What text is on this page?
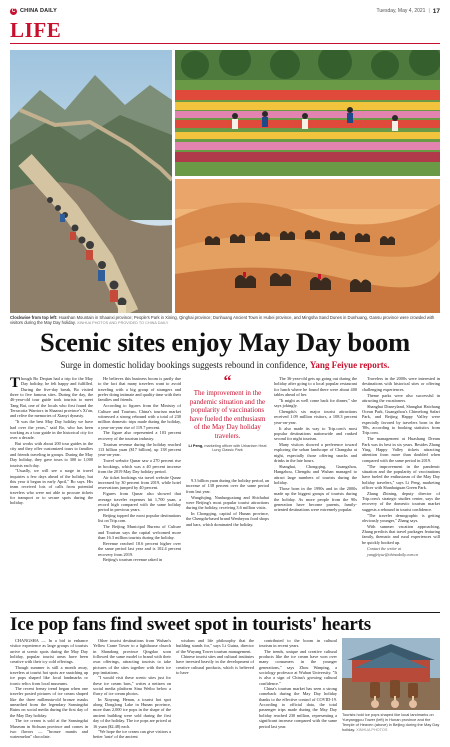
C CHINA DAILY	Tuesday, May 4, 2021 | 17
LIFE
Clockwise from top left: Huashan Mountain in Shaanxi province; People's Park in Xining, Qinghai province; Dunhuang Ancient Town in Hubei province, and Mingsha Sand Dunes in Dunhuang, Gansu province were crowded with visitors during the May Day holiday. XINHUA PHOTOS AND PROVIDED TO CHINA DAILY
Scenic sites enjoy May Day boom
Surge in domestic holiday bookings suggests rebound in confidence, Yang Feiyue reports.

Though Bo Deqian had a trip for the May Day holiday, he felt happy and fulfilled. During the five-day break, Bo visited three to five famous sites. During the day, the 46-year-old tour guide took tourists to meet Tang Bai, one of the locals who first found the Terracotta Warriors in Shaanxi province's Xi'an, and relive the memories of Xianyi dynasty.

"It was the best May Day holiday we have had over the years," said Bo, who has been working as a tour guide in the historical city for over a decade.

Bui works with about 200 tour guides in the city and they offer customized tours to families and friends traveling in groups. During the May Day holiday, they gave tours to 300 to 1,000 tourists each day.

"Usually, we will see a surge in travel inquiries a few days ahead of the holiday, but this year it began in early April," Bo says. His team received lots of calls from potential travelers who were not able to procure tickets for transport or to secure spots during the holiday.

He believes this business boom is partly due to the fact that many travelers want to avoid traveling with a big group of strangers and prefer doing intimate and quality time with their families and friends.

According to figures from the Ministry of Culture and Tourism, China's tourism market witnessed a strong rebound with a total of 230 million domestic trips made during the holiday, a year-on-year rise of 119.7 percent.

The figure also represented a 103 percent recovery of the tourism industry.

Tourism revenue during the holiday reached 113 billion yuan ($17 billion), up 138 percent year-on-year.

Travel website Qunar saw a 270 percent rise in bookings, which was a 40 percent increase from the 2019 May Day holiday period.

Air ticket bookings via travel website Qunar increased by 30 percent from 2019, while hotel reservations jumped by 40 percent.

Figures from Qunar also showed that average traveler expenses hit 1,700 yuan, a record high compared with the same holiday period in previous years.

Beijing topped the most popular destinations list on Trip.com.

The Beijing Municipal Bureau of Culture and Tourism says the capital welcomed more than 16.3 million tourists during the holiday.

Revenue reached 18.6 percent higher over the same period last year and is 102.4 percent recovery from 2019.

Beijing's tourism revenue raked in

“
The improvement in the pandemic situation and the popularity of vaccinations have fueled the enthusiasm of the May Day holiday travelers.
Li Peng, marketing officer with Urbanism Heat Lung Classic Park

9.3 billion yuan during the holiday period, an increase of 138 percent over the same period from last year.

Wangfujing, Nanluoguxiang and Shichahai were Beijing's most popular tourist attractions during the holiday, receiving 3.6 million visits.

In Chongqing, capital of Hunan province, the Chengdu-based brand Wenheyou food shops and bars, which dominated the holiday.

The 36-year-old gets up going out during the holiday after going to a local popular restaurant for lunch where he found there were about 400 tables ahead of her.

"It might as well come back for dinner," she says jokingly.

Chengdu's six major tourist attractions received 1.09 million visitors, a 108.3 percent year-on-year.

It also made its way to Trip.com's most popular destinations nationwide and ranked second for night tourism.

Many visitors showed a preference toward exploring the urban landscape of Changsha at night, especially those offering snacks and drinks in the late hours.

Shanghai, Chongqing, Guangzhou, Hangzhou, Chengdu and Wuhan managed to attract large numbers of tourists during the holiday.

Those born in the 1990s and in the 2000s made up the biggest groups of tourists during the holiday. As more people from the 90s generation have become parents, family-oriented destinations were extremely popular.

Travelers in the 2000s were interested in destinations with historical sites or offering challenging experiences.

Theme parks were also successful in attracting the vacationers.

Shanghai Disneyland, Shanghai Haichang Ocean Park, Guangzhou's Chimelong Safari Park, and Beijing Happy Valley were especially favored by travelers born in the '80s, according to booking statistics from Trip.com.

The management at Huashang Dream Park was its best in six years. Besides Zhang Ying, Happy Valley tickets attracting attention from more than doubled when compared with the same period in 2019.

"The improvement in the pandemic situation and the popularity of vaccinations have fueled the enthusiasm of the May Day holiday travelers," says Li Peng, marketing officer with Shanhaiguan Green Park.

Zhang Zhining, deputy director of Trip.com's strategic studies center, says the recovery of the domestic tourism market suggests a rebound in tourist confidence.

"The traveler demographic is getting obviously younger," Zhang says.

With summer vacation approaching, Zhang predicts that travel packages featuring family, thematic and rural experiences will be quickly booked up.

Contact the writer at

yangfeiyue@chinadaily.com.cn

Ice pop fans find sweet spot in tourists' hearts

CHANGSHA — In a bid to enhance visitor experience as large groups of tourists arrive at scenic spots during the May Day holiday, popular tourist areas have been creative with their icy cold offerings.

Though summer is still a month away, travelers at tourist hot spots are snatching up ice pops shaped like local landmarks or iconic relics from local museums.

The recent frenzy trend began when one traveler posted pictures of ice cream shaped like the three millennia-old bronze masks unearthed from the legendary Sanxingdui Ruins on social media during the first day of the May Day holiday.

The ice cream is sold at the Sanxingdui Museum in Sichuan province and comes in two flavors — "bronze mantis and watermelon" chocolate.

Other tourist destinations from Wuhan's Yellow Crane Tower to a lighthouse church in Shandong province Qingdao soon followed the same model to brand with their own offerings, attracting tourists to take pictures of the sites together with their ice pop imitations.

"I would visit these scenic sites just for these ice cream bars," writes a netizen on social media platform Sina Weibo below a flurry of ice cream photos.

In Xinyang, Henan, a tourist hot spot along Donglong Lake in Hunan province, more than 2,000 ice pops in the shape of the ancient building were sold during the first day of the holiday. The ice pops are priced at 16 yuan ($2.48) each.

"We hope the ice cream can give visitors a better 'taste' of the ancient

wisdom and life philosophy that the building stands for," says Li Guina, director of the Wuyang Tower tourism management.

Chinese tourist sites and cultural institutes have invested heavily in the development of creative cultural products, which is believed to have

contributed to the boom in cultural tourism in recent years.

The trends, unique and creative cultural products like the ice cream have won over many consumers in the younger generations," says Zhou Wanping, a sociology professor at Wuhan University. "It is also a sign of China's growing cultural confidence."

China's tourism market has seen a strong comeback during the May Day holiday thanks to the effective control of COVID-19. According to official data, the total passenger trips made during the May Day holiday reached 230 million, representing a significant increase compared with the same period last year.

Tourists hold ice pops shaped like local landmarks on Yueyanggou Tower (left) in Hunan province and the Temple of Heaven (above) in Beijing during the May Day holiday. XINHUA PHOTOS
